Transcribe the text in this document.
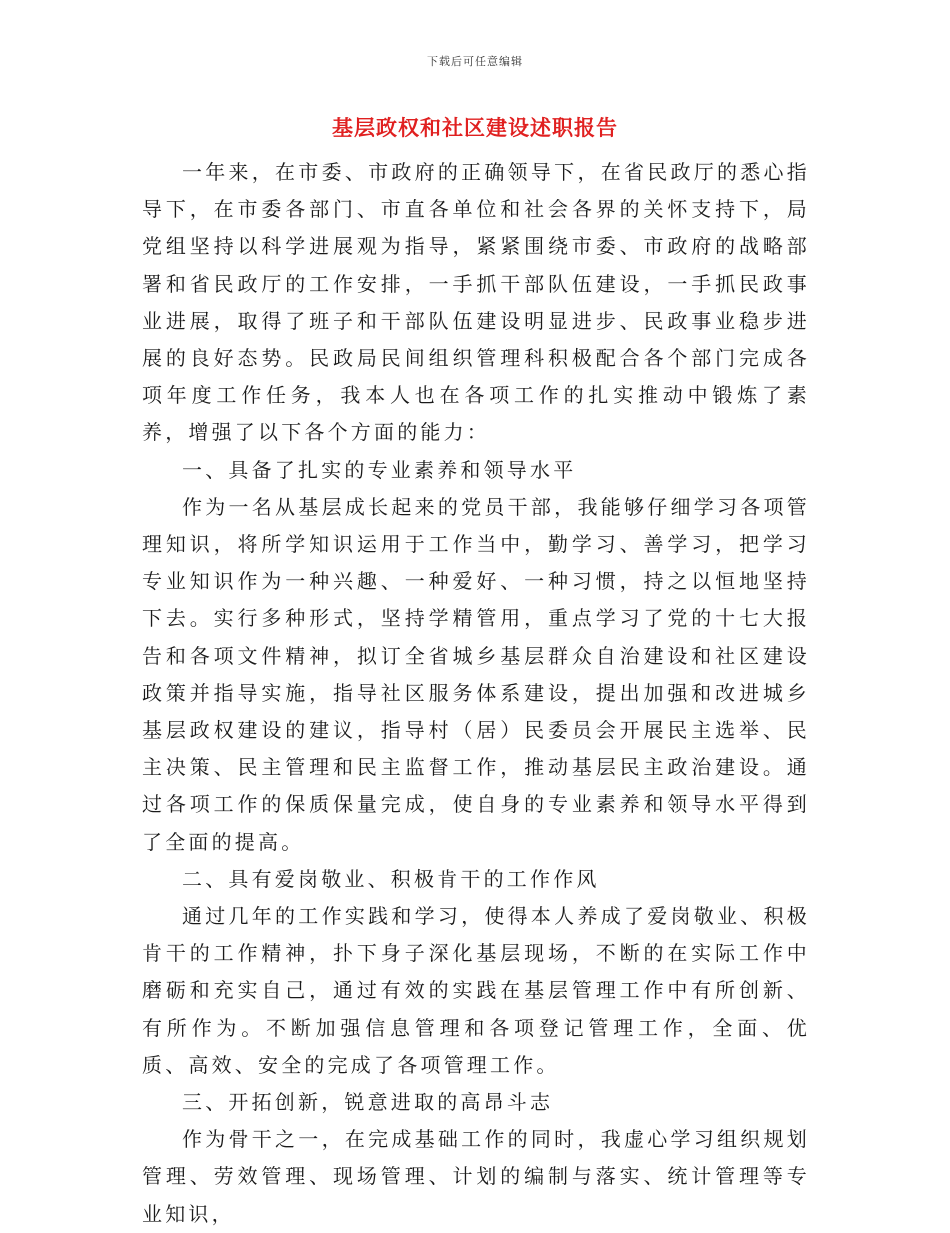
下载后可任意编辑
基层政权和社区建设述职报告

一年来，在市委、市政府的正确领导下，在省民政厅的悉心指导下，在市委各部门、市直各单位和社会各界的关怀支持下，局党组坚持以科学进展观为指导，紧紧围绕市委、市政府的战略部署和省民政厅的工作安排，一手抓干部队伍建设，一手抓民政事业进展，取得了班子和干部队伍建设明显进步、民政事业稳步进展的良好态势。民政局民间组织管理科积极配合各个部门完成各项年度工作任务，我本人也在各项工作的扎实推动中锻炼了素养，增强了以下各个方面的能力：

一、具备了扎实的专业素养和领导水平

作为一名从基层成长起来的党员干部，我能够仔细学习各项管理知识，将所学知识运用于工作当中，勤学习、善学习，把学习专业知识作为一种兴趣、一种爱好、一种习惯，持之以恒地坚持下去。实行多种形式，坚持学精管用，重点学习了党的十七大报告和各项文件精神，拟订全省城乡基层群众自治建设和社区建设政策并指导实施，指导社区服务体系建设，提出加强和改进城乡基层政权建设的建议，指导村（居）民委员会开展民主选举、民主决策、民主管理和民主监督工作，推动基层民主政治建设。通过各项工作的保质保量完成，使自身的专业素养和领导水平得到了全面的提高。

二、具有爱岗敬业、积极肯干的工作作风

通过几年的工作实践和学习，使得本人养成了爱岗敬业、积极肯干的工作精神，扑下身子深化基层现场，不断的在实际工作中磨砺和充实自己，通过有效的实践在基层管理工作中有所创新、有所作为。不断加强信息管理和各项登记管理工作，全面、优质、高效、安全的完成了各项管理工作。

三、开拓创新，锐意进取的高昂斗志

作为骨干之一，在完成基础工作的同时，我虚心学习组织规划管理、劳效管理、现场管理、计划的编制与落实、统计管理等专业知识，
